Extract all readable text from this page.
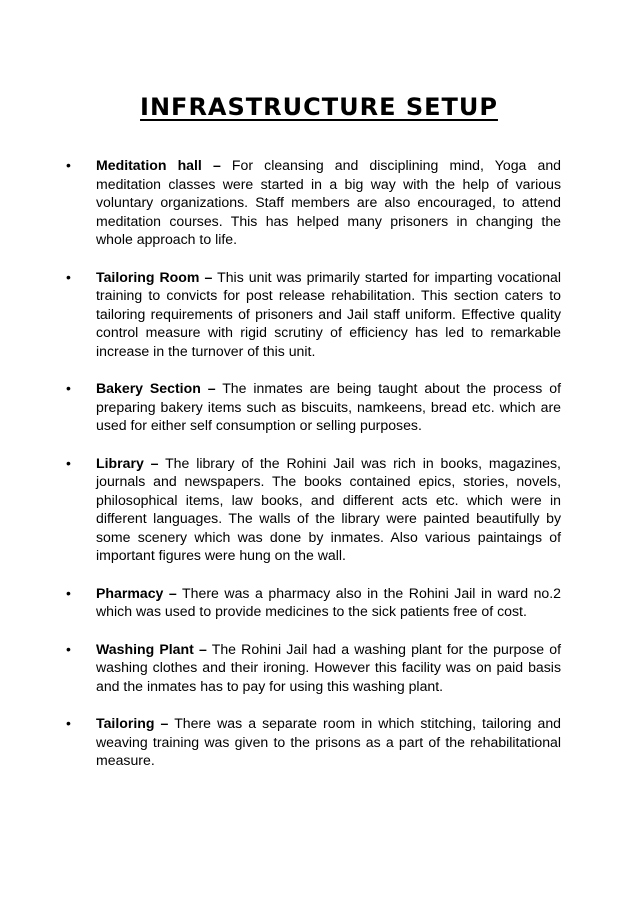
INFRASTRUCTURE SETUP
• Meditation hall – For cleansing and disciplining mind, Yoga and meditation classes were started in a big way with the help of various voluntary organizations. Staff members are also encouraged, to attend meditation courses. This has helped many prisoners in changing the whole approach to life.
• Tailoring Room – This unit was primarily started for imparting vocational training to convicts for post release rehabilitation. This section caters to tailoring requirements of prisoners and Jail staff uniform. Effective quality control measure with rigid scrutiny of efficiency has led to remarkable increase in the turnover of this unit.
• Bakery Section – The inmates are being taught about the process of preparing bakery items such as biscuits, namkeens, bread etc. which are used for either self consumption or selling purposes.
• Library – The library of the Rohini Jail was rich in books, magazines, journals and newspapers. The books contained epics, stories, novels, philosophical items, law books, and different acts etc. which were in different languages. The walls of the library were painted beautifully by some scenery which was done by inmates. Also various paintaings of important figures were hung on the wall.
• Pharmacy – There was a pharmacy also in the Rohini Jail in ward no.2 which was used to provide medicines to the sick patients free of cost.
• Washing Plant – The Rohini Jail had a washing plant for the purpose of washing clothes and their ironing. However this facility was on paid basis and the inmates has to pay for using this washing plant.
• Tailoring – There was a separate room in which stitching, tailoring and weaving training was given to the prisons as a part of the rehabilitational measure.
